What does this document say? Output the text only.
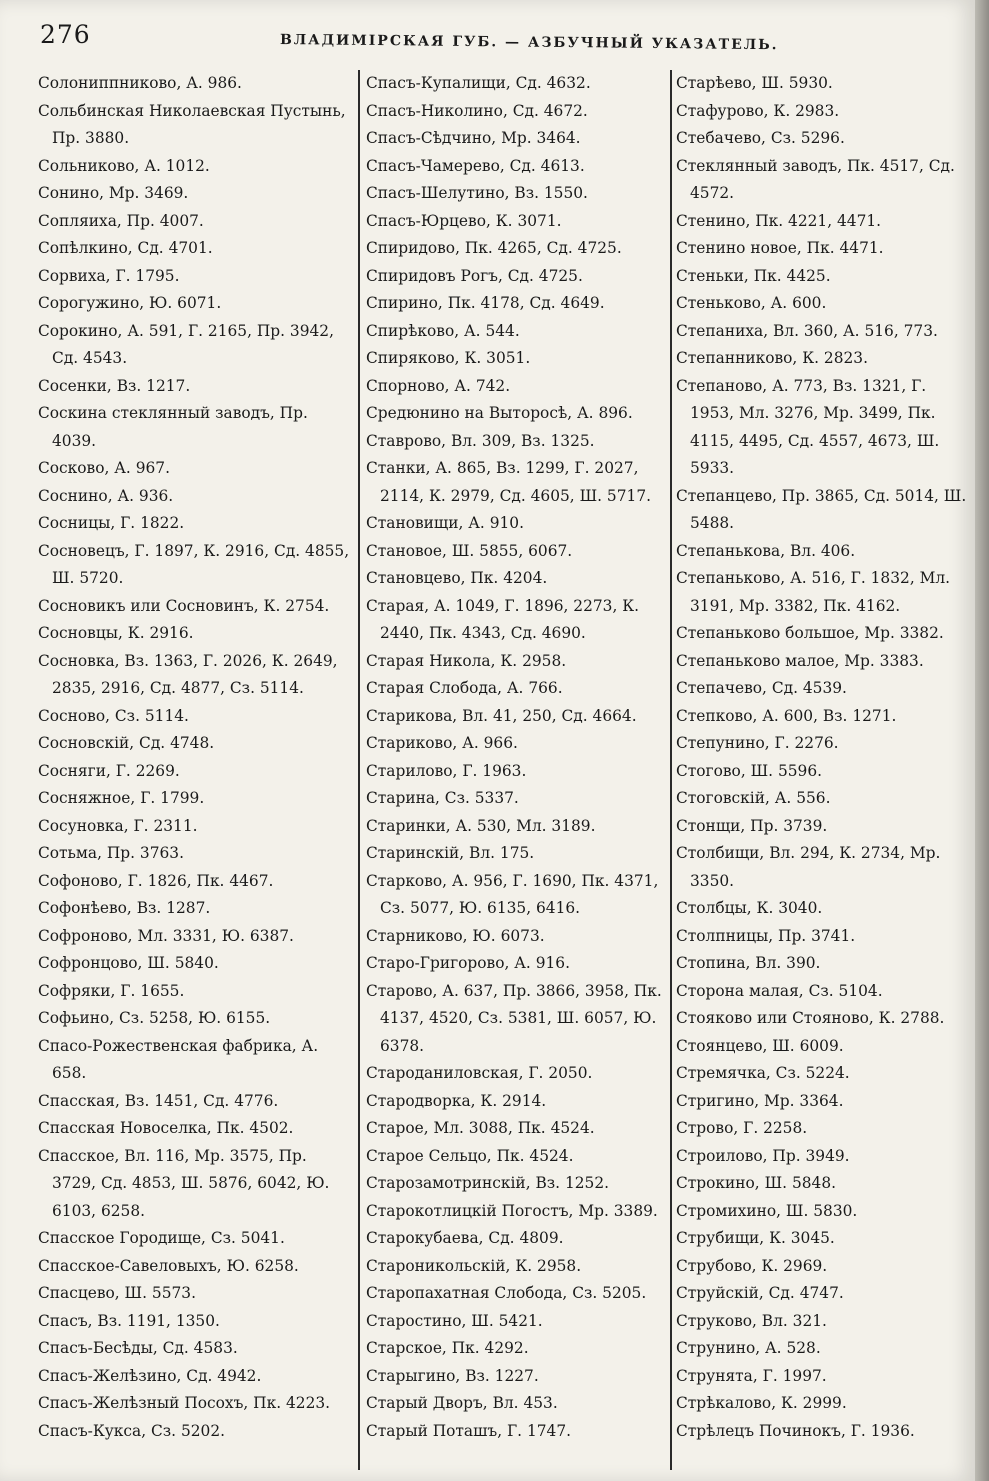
276	ВЛАДИМІРСКАЯ ГУБ. — АЗБУЧНЫЙ УКАЗАТЕЛЬ.
Солониппниково, А. 986.
Сольбинская Николаевская Пустынь, Пр. 3880.
Сольниково, А. 1012.
Сонино, Мр. 3469.
Сопляиха, Пр. 4007.
Сопѣлкино, Сд. 4701.
Сорвиха, Г. 1795.
Сорогужино, Ю. 6071.
Сорокино, А. 591, Г. 2165, Пр. 3942, Сд. 4543.
Сосенки, Вз. 1217.
Соскина стеклянный заводъ, Пр. 4039.
Сосково, А. 967.
Соснино, А. 936.
Сосницы, Г. 1822.
Сосновецъ, Г. 1897, К. 2916, Сд. 4855, Ш. 5720.
Сосновикъ или Сосновинъ, К. 2754.
Сосновцы, К. 2916.
Сосновка, Вз. 1363, Г. 2026, К. 2649, 2835, 2916, Сд. 4877, Сз. 5114.
Сосново, Сз. 5114.
Сосновскій, Сд. 4748.
Сосняги, Г. 2269.
Сосняжное, Г. 1799.
Сосуновка, Г. 2311.
Сотьма, Пр. 3763.
Софоново, Г. 1826, Пк. 4467.
Софонѣево, Вз. 1287.
Софроново, Мл. 3331, Ю. 6387.
Софронцово, Ш. 5840.
Софряки, Г. 1655.
Софьино, Сз. 5258, Ю. 6155.
Спасо-Рожественская фабрика, А. 658.
Спасская, Вз. 1451, Сд. 4776.
Спасская Новоселка, Пк. 4502.
Спасское, Вл. 116, Мр. 3575, Пр. 3729, Сд. 4853, Ш. 5876, 6042, Ю. 6103, 6258.
Спасское Городище, Сз. 5041.
Спасское-Савеловыхъ, Ю. 6258.
Спасцево, Ш. 5573.
Спасъ, Вз. 1191, 1350.
Спасъ-Бесѣды, Сд. 4583.
Спасъ-Желѣзино, Сд. 4942.
Спасъ-Желѣзный Посохъ, Пк. 4223.
Спасъ-Кукса, Сз. 5202.
Спасъ-Купалищи, Сд. 4632.
Спасъ-Николино, Сд. 4672.
Спасъ-Сѣдчино, Мр. 3464.
Спасъ-Чамерево, Сд. 4613.
Спасъ-Шелутино, Вз. 1550.
Спасъ-Юрцево, К. 3071.
Спиридово, Пк. 4265, Сд. 4725.
Спиридовъ Рогъ, Сд. 4725.
Спирино, Пк. 4178, Сд. 4649.
Спирѣково, А. 544.
Спиряково, К. 3051.
Спорново, А. 742.
Средюнино на Выторосѣ, А. 896.
Ставрово, Вл. 309, Вз. 1325.
Станки, А. 865, Вз. 1299, Г. 2027, 2114, К. 2979, Сд. 4605, Ш. 5717.
Становищи, А. 910.
Становое, Ш. 5855, 6067.
Становцево, Пк. 4204.
Старая, А. 1049, Г. 1896, 2273, К. 2440, Пк. 4343, Сд. 4690.
Старая Никола, К. 2958.
Старая Слобода, А. 766.
Старикова, Вл. 41, 250, Сд. 4664.
Стариково, А. 966.
Старилово, Г. 1963.
Старина, Сз. 5337.
Старинки, А. 530, Мл. 3189.
Старинскій, Вл. 175.
Старково, А. 956, Г. 1690, Пк. 4371, Сз. 5077, Ю. 6135, 6416.
Старниково, Ю. 6073.
Старо-Григорово, А. 916.
Старово, А. 637, Пр. 3866, 3958, Пк. 4137, 4520, Сз. 5381, Ш. 6057, Ю. 6378.
Староданиловская, Г. 2050.
Стародворка, К. 2914.
Старое, Мл. 3088, Пк. 4524.
Старое Сельцо, Пк. 4524.
Старозамотринскій, Вз. 1252.
Старокотлицкій Погостъ, Мр. 3389.
Старокубаева, Сд. 4809.
Староникольскій, К. 2958.
Старопахатная Слобода, Сз. 5205.
Старостино, Ш. 5421.
Старское, Пк. 4292.
Старыгино, Вз. 1227.
Старый Дворъ, Вл. 453.
Старый Поташъ, Г. 1747.
Старѣево, Ш. 5930.
Стафурово, К. 2983.
Стебачево, Сз. 5296.
Стеклянный заводъ, Пк. 4517, Сд. 4572.
Стенино, Пк. 4221, 4471.
Стенино новое, Пк. 4471.
Стеньки, Пк. 4425.
Стеньково, А. 600.
Степаниха, Вл. 360, А. 516, 773.
Степанниково, К. 2823.
Степаново, А. 773, Вз. 1321, Г. 1953, Мл. 3276, Мр. 3499, Пк. 4115, 4495, Сд. 4557, 4673, Ш. 5933.
Степанцево, Пр. 3865, Сд. 5014, Ш. 5488.
Степанькова, Вл. 406.
Степаньково, А. 516, Г. 1832, Мл. 3191, Мр. 3382, Пк. 4162.
Степаньково большое, Мр. 3382.
Степаньково малое, Мр. 3383.
Степачево, Сд. 4539.
Степково, А. 600, Вз. 1271.
Степунино, Г. 2276.
Стогово, Ш. 5596.
Стоговскій, А. 556.
Стонщи, Пр. 3739.
Столбищи, Вл. 294, К. 2734, Мр. 3350.
Столбцы, К. 3040.
Столпницы, Пр. 3741.
Стопина, Вл. 390.
Сторона малая, Сз. 5104.
Стояково или Стояново, К. 2788.
Стоянцево, Ш. 6009.
Стремячка, Сз. 5224.
Стригино, Мр. 3364.
Строво, Г. 2258.
Строилово, Пр. 3949.
Строкино, Ш. 5848.
Стромихино, Ш. 5830.
Струбищи, К. 3045.
Струбово, К. 2969.
Струйскій, Сд. 4747.
Струково, Вл. 321.
Струнино, А. 528.
Струнята, Г. 1997.
Стрѣкалово, К. 2999.
Стрѣлецъ Починокъ, Г. 1936.
